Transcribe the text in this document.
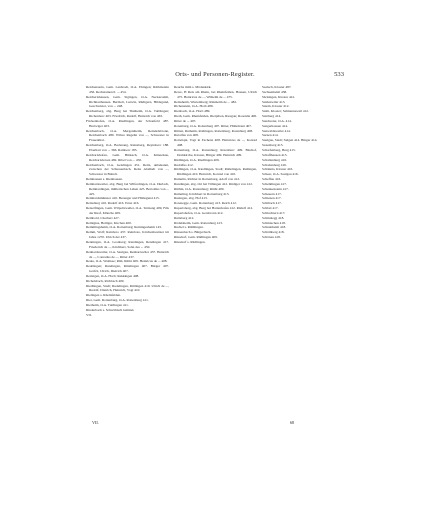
Orts- und Personen-Register.	533

Reichenstein, Gem. Lenhrodt, O.A. Ehingen; Rüthinstein 456. Rechstainen 0. ... 454.

Reichertshausen, Gem. Sigingen, O.A. Neckarsulm, Richharthausen. Bertholt, Lutwin, Rüdigern, Hildegund, Geschwister, von ... 248.

Reichenberg, abg. Burg bei Thalheim, O.A. Tuttlingen; Richenberc 463. Friedrich, Rudolf, Heinrich von 463.

Frickenhofen, O.A. Riedlingen, der Schonfeld 487. Hertwiger 403.

Reichenbach, O.A. Mergentheim, Reindelsbronn, Reichenbach 480. Wilwe Regelin von ..., Schwester in Frauenthal.

Reichenberg, O.A. Backnang, Reinsberg, Reynsberc 188. Eberhart von ... 366. Rainberc 185.

Reichartshofen, Gem. Bürkach, O.A. Künzelsau, Reichartshoven 482. Ribel von ... 450.

Reichenbach, O.A. Geislingen 451. Reitz, unbekannt, zwischen der Schussenbach, Reite Abelhelt von ..., Schwester in Baindt.

Reinhausen s. Rienhausen.

Reinhartsweiler, abg. Burg bei Wilferdingen, O.A. Durlach, Reinhardingen, müllerischen Lehen 425. Bertoldus von ... 425.

Reinhardsmünster 416. Berengar und Hildegund 415.

Reinsburg 416. Rudolf 416. Ernst 416.

Reiselfingen, Gem. Wilpoltsweiler, O.A. Tettnang 409, Frik der Ruaf, Mönche 409.

Rembold, Chorherr 427.

Remigius, Heiliger, Kirchen 400.

Remmingsheim, O.A. Rottenburg; Remingesheim 143.

Remm, Wolf; Reinboto 437. Reinboto, Kirchenbesitzer im Jahre 1270. Ulrich der 437.

Renningen, O.A. Leonberg; Rendingen, Rendingen 417. Friederich de ..., Kirchherr, Sohn des ... 450.

Renhardsweiler, O.A. Saulgau, Renhartswiler 437. Heinrich de ..., Conradus de ..., Ritter 437.

Reute, O.A. Waldsee; Rüti, Rüthi 409. Heinricus de ... 408.

Reutlingen; Rutelingen, Rütelingen 407. Bürger 407. Gotfrit, Ulrich, Dietrich 407.

Rexingen, O.A. Horb; Rekkingen 408.

Richelsbach, Richbach 409.

Riedlingen, Stadt; Rudelingen, Rütlingen 410. Ulrich de ..., Rudolf, Dietrich, Heinrich, Vogt 410.

Rielingen s. Rheinfelden.

Riet, Gem. Rottenburg, O.A. Rottenburg 411.

Rietheim, O.A. Tuttlingen 411.

Rinderbach s. Schwäbisch Gmünd.

VII.

Reuchs mith s. Mödenkirk.

Rewe, H Reis am Rhein, bei Rheinfelden, Hausen, Ulrich 475. Heinricus de ..., Wilhelm de ... 475.

Reinsheim, Wurtemberg; Rinsheim de ... 482.

Richenstein, O.A. Horb 489.

Rienbach, O.A. Horb 489.

Rieth, Gem. Rheinfelden, Rietpiben, Riesgau; Rosenlie 406.

Ritter de ... 407.

Rotenburg, O.A. Rottenburg 407. Ritter, Hildebrant 407.

Rütten, Rutheim, Rothingen, Rottenburg, Rotenburg 408.

Rutolfus von 408.

Rottelspit, Vogt in Eschenz 408. Heinricus de ..., Konrad 408.

Rottenburg, O.A. Rottenburg; Rotenburc 409. Bischof, Domkirche, Kloster, Bürger 409. Heinrich 409.

Rüdlingen, O.A. Riedlingen 409.

Rudolfus 412.

Rüdlingen, O.A. Riedlingen, Stadt; Rüdelingen, Rutlingen, Rüdlingen 410. Heinrich, Konrad von 410.

Rumelin, Richter in Rottenburg, Adolf von 412.

Rundingen, abg. Ort bei Tübingen 412. Rüdiger von 412.

Rüthin, O.A. Rottenburg; Rüthi 409.

Rumeling, Kirchherr in Rottenburg 413.

Rusingen, abg. Hof 413.

Rotenegge, Gem. Rottenberg 413. Reich 412.

Rupertsberg, abg. Burg bei Hattenhofen 412. Rüdolf 412.

Rupertshofen, O.A. Gerabronn 412.

Rutisberg 412.

Rödelsheim, Gem. Rottenburg 413.

Ruchel s. Rüthlingen.

Rüssenbach s. Bürgerbach.

Rüssdorf, Gem. Rüdlingen 409.

Rüssdorf s. Rüdlingen.

Saalach, Kloster 487.

Sachsenheim 438.

Säckingen, Kloster 441.

Saldenwiler 413.

Salem, Kloster 412.

Salm, Kloster; Salmannsweil 412.

Salzburg 414.

Sandweier, O.A. 414.

Sangerhausen 414.

Sanwaldsweiler 414.

Sarnen 414.

Saulgau, Stadt; Sulgen 414. Bürger 414.

Saxenberg 415.

Scharfenberg, Burg 415.

Schaffhausen 415.

Schallenburg 416.

Schaltenberg 416.

Schännis, Kloster 416.

Scheer, O.A. Saulgau 416.

Scheffau 416.

Schelklingen 417.

Schenkenstein 417.

Scheuern 417.

Schienen 417.

Schiltach 417.

Schlatt 417.

Schluchtern 417.

Schmalegg 418.

Schmiechen 418.

Schnaitheim 418.

Schömberg 418.

Schönau 418.

VII.	68
